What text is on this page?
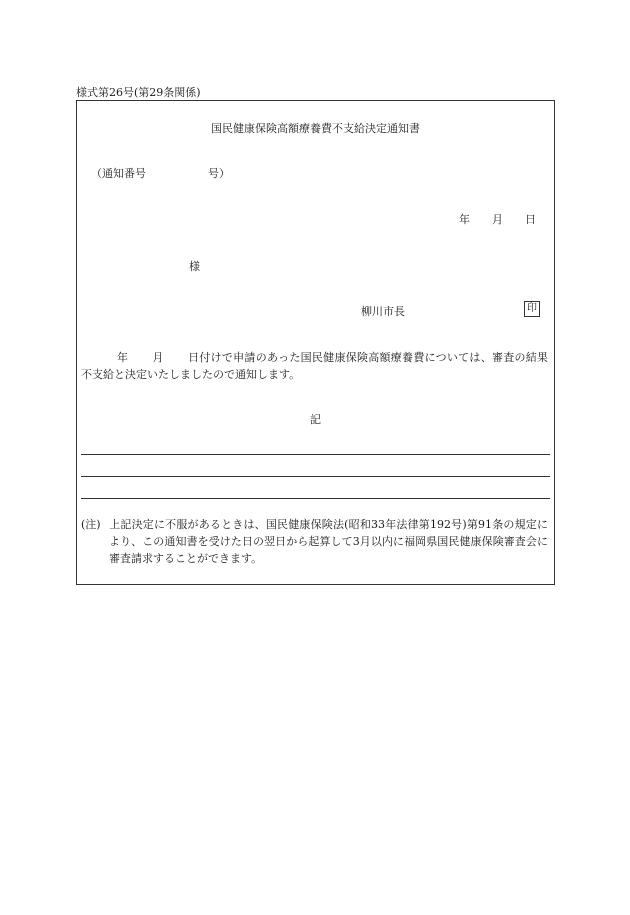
様式第26号(第29条関係)
国民健康保険高額療養費不支給決定通知書
（通知番号	号）
年 月 日
様
柳川市長	印
年 月 日付けで申請のあった国民健康保険高額療養費については、審査の結果不支給と決定いたしましたので通知します。
記
(注) 上記決定に不服があるときは、国民健康保険法(昭和33年法律第192号)第91条の規定により、この通知書を受けた日の翌日から起算して3月以内に福岡県国民健康保険審査会に審査請求することができます。
